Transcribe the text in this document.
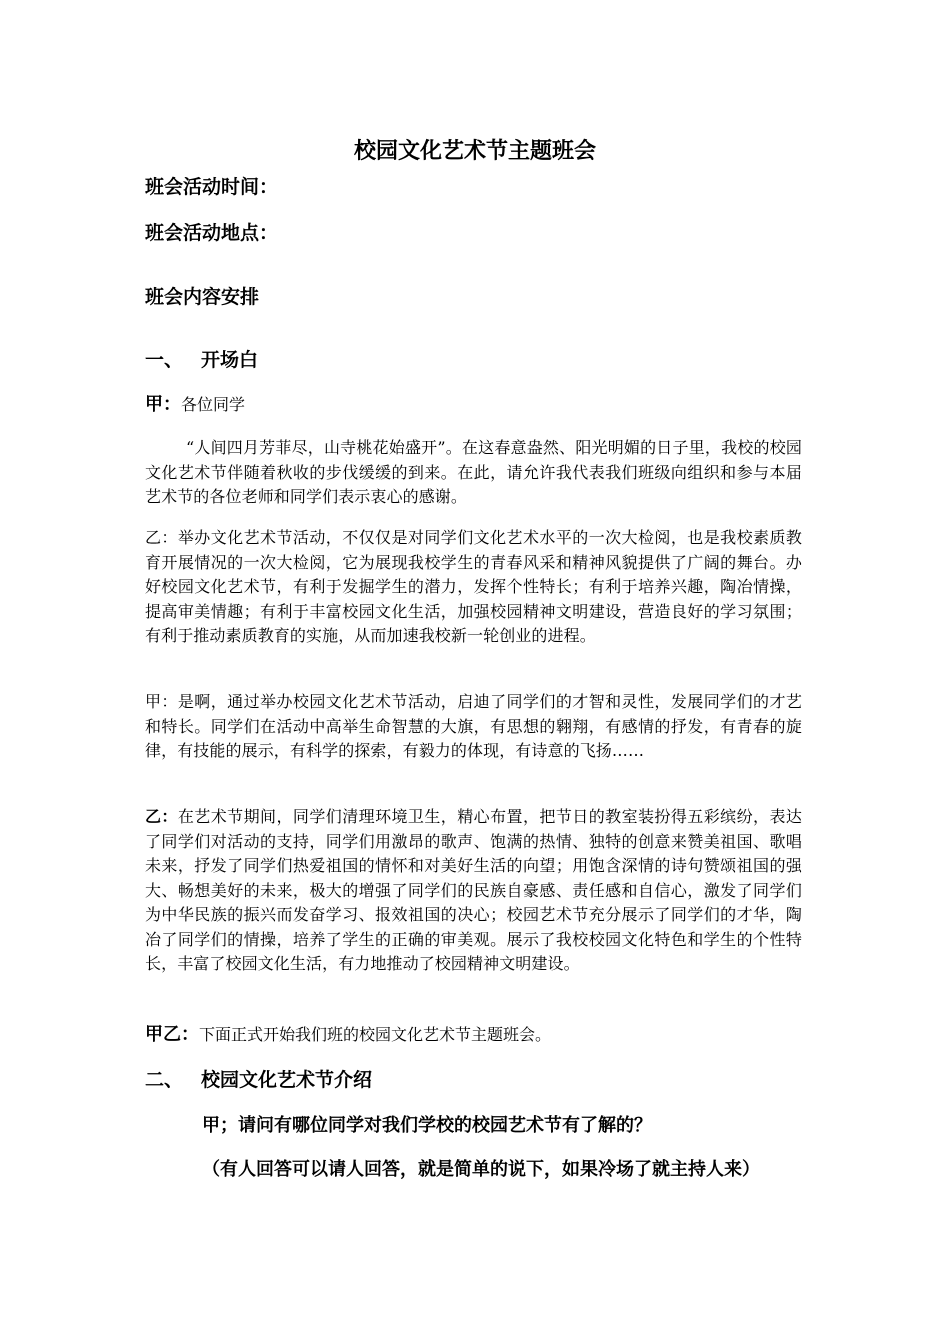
校园文化艺术节主题班会
班会活动时间：
班会活动地点：
班会内容安排
一、 开场白
甲：各位同学
“人间四月芳菲尽，山寺桃花始盛开”。在这春意盎然、阳光明媚的日子里，我校的校园文化艺术节伴随着秋收的步伐缓缓的到来。在此，请允许我代表我们班级向组织和参与本届艺术节的各位老师和同学们表示衷心的感谢。
乙：举办文化艺术节活动，不仅仅是对同学们文化艺术水平的一次大检阅，也是我校素质教育开展情况的一次大检阅，它为展现我校学生的青春风采和精神风貌提供了广阔的舞台。办好校园文化艺术节，有利于发掘学生的潜力，发挥个性特长；有利于培养兴趣，陶冶情操，提高审美情趣；有利于丰富校园文化生活，加强校园精神文明建设，营造良好的学习氛围；有利于推动素质教育的实施，从而加速我校新一轮创业的进程。
甲：是啊，通过举办校园文化艺术节活动，启迪了同学们的才智和灵性，发展同学们的才艺和特长。同学们在活动中高举生命智慧的大旗，有思想的翱翔，有感情的抒发，有青春的旋律，有技能的展示，有科学的探索，有毅力的体现，有诗意的飞扬……
乙：在艺术节期间，同学们清理环境卫生，精心布置，把节日的教室装扮得五彩缤纷，表达了同学们对活动的支持，同学们用激昂的歌声、饱满的热情、独特的创意来赞美祖国、歌唱未来，抒发了同学们热爱祖国的情怀和对美好生活的向望；用饱含深情的诗句赞颂祖国的强大、畅想美好的未来，极大的增强了同学们的民族自豪感、责任感和自信心，激发了同学们为中华民族的振兴而发奋学习、报效祖国的决心；校园艺术节充分展示了同学们的才华，陶冶了同学们的情操，培养了学生的正确的审美观。展示了我校校园文化特色和学生的个性特长，丰富了校园文化生活，有力地推动了校园精神文明建设。
甲乙：下面正式开始我们班的校园文化艺术节主题班会。
二、 校园文化艺术节介绍
甲；请问有哪位同学对我们学校的校园艺术节有了解的？
（有人回答可以请人回答，就是简单的说下，如果冷场了就主持人来）
